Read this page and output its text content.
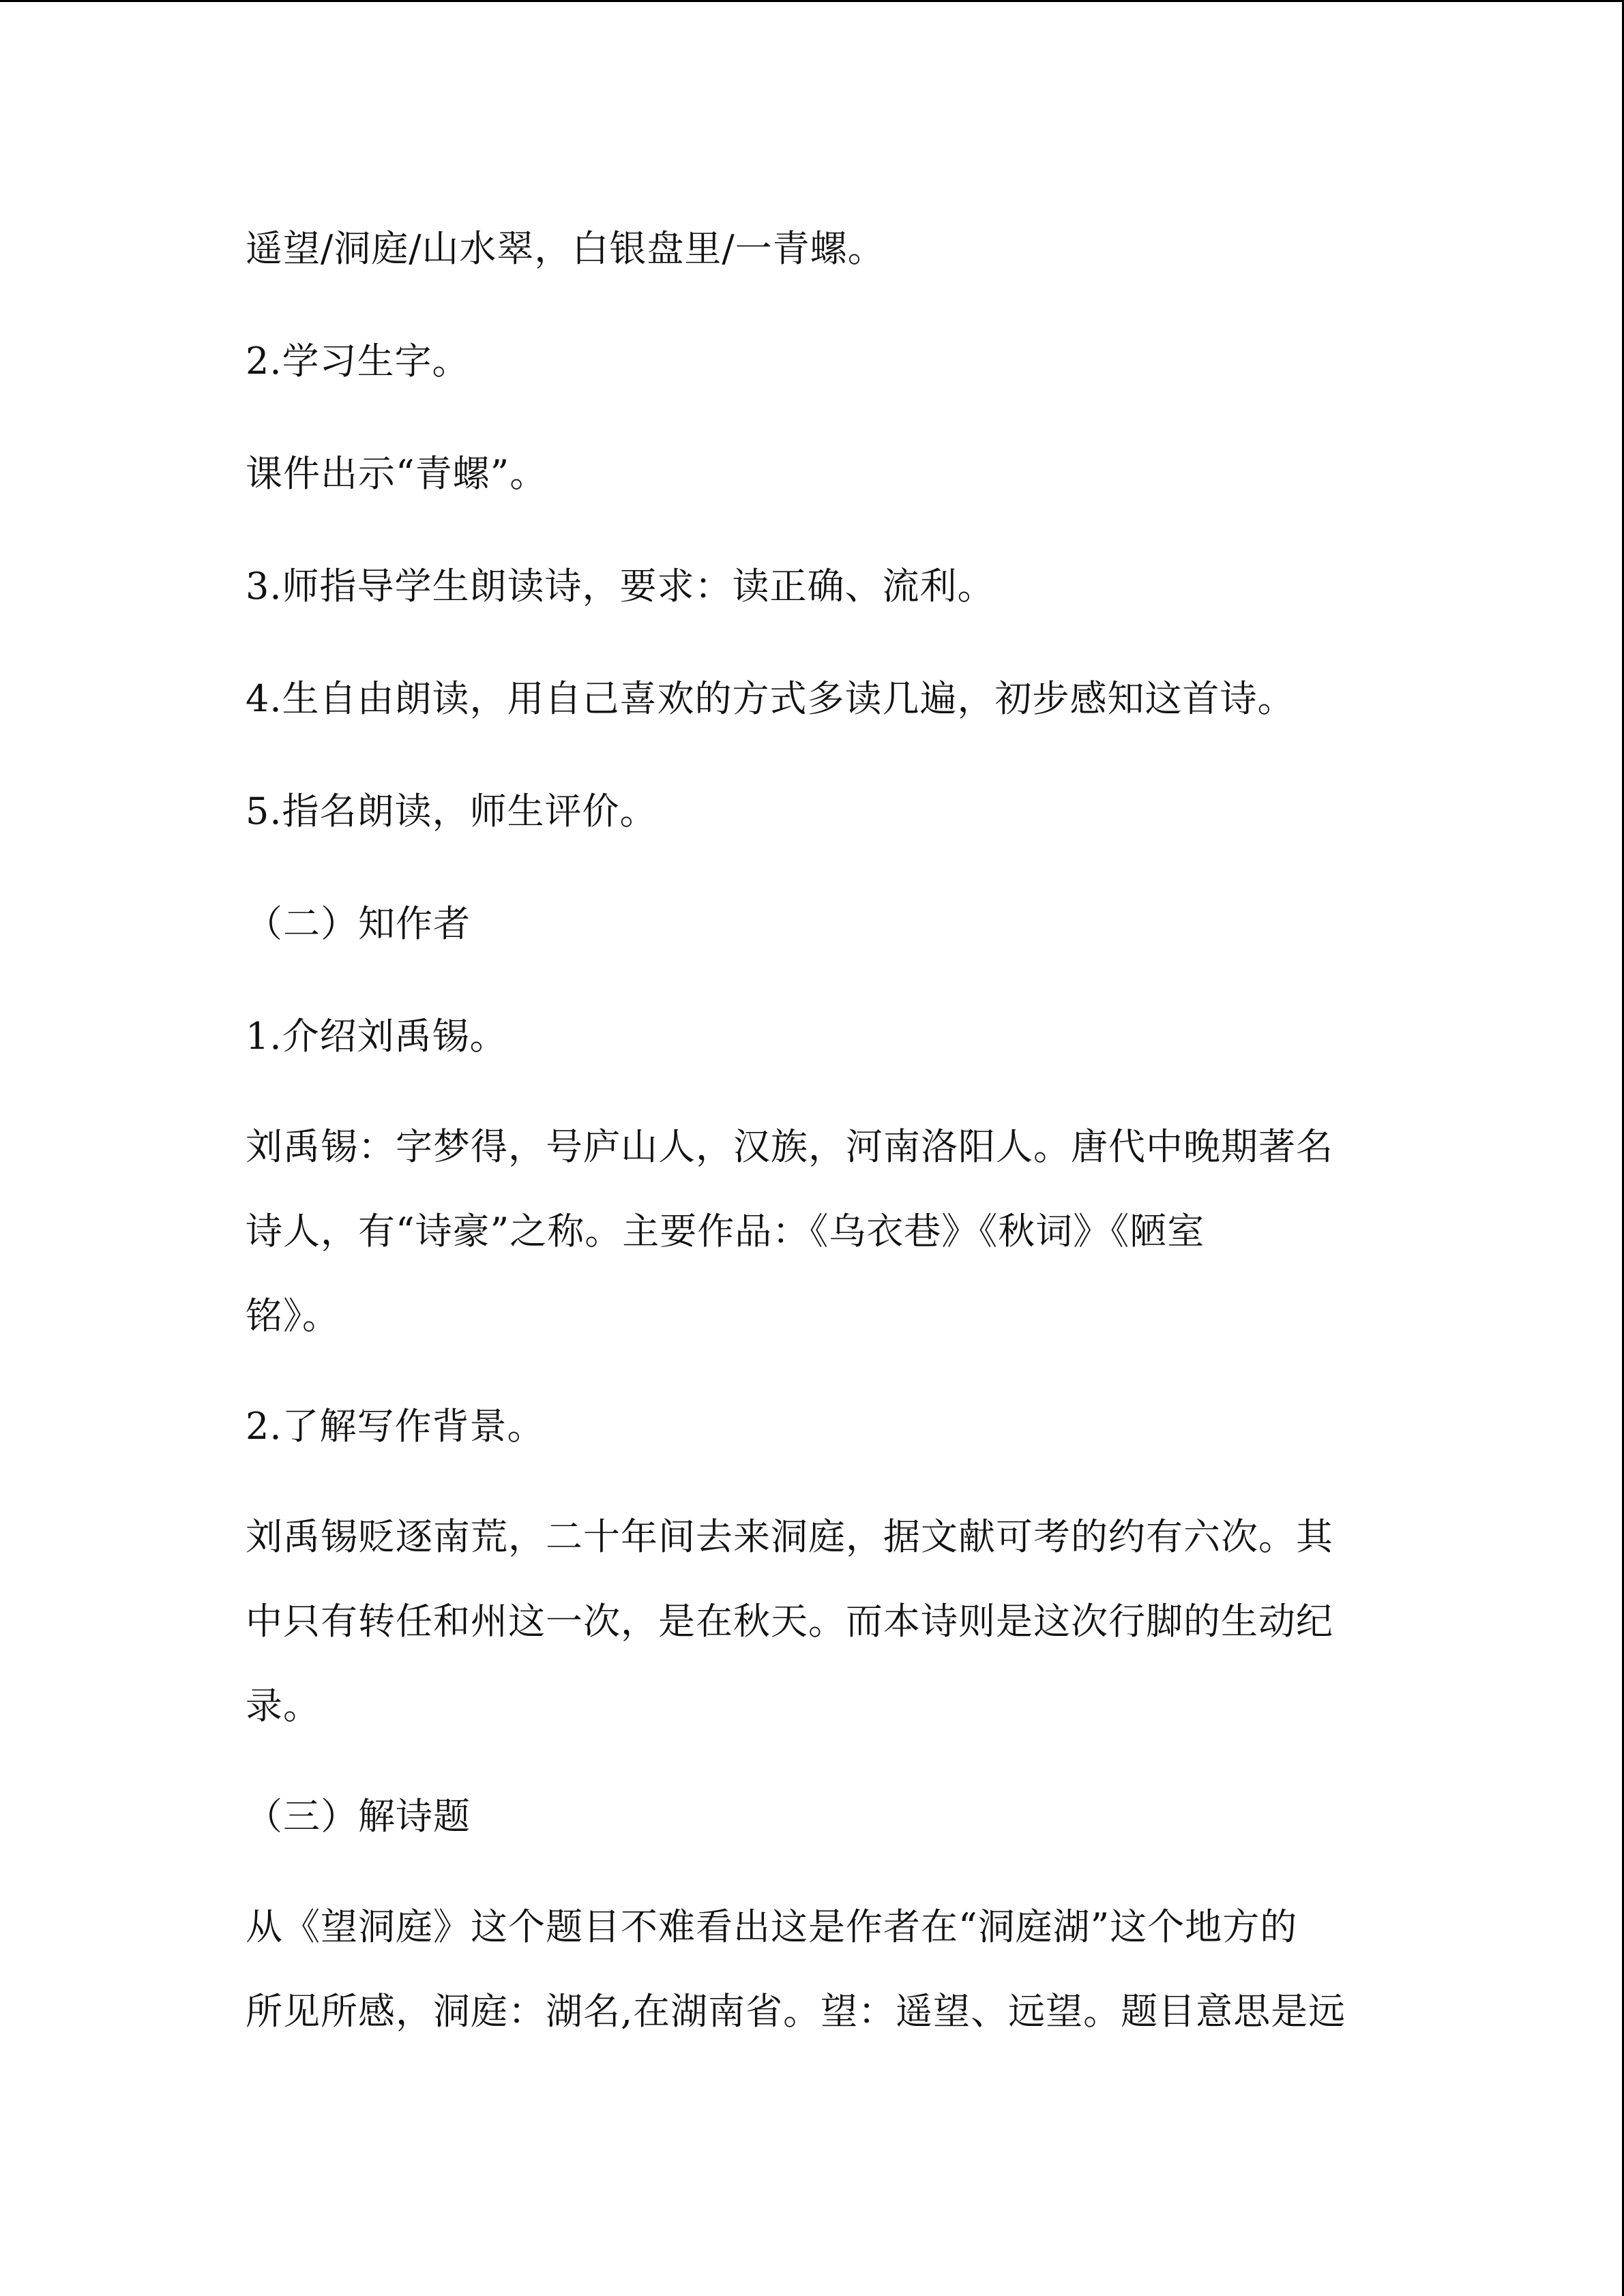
遥望/洞庭/山水翠，白银盘里/一青螺。
2.学习生字。
课件出示“青螺”。
3.师指导学生朗读诗，要求：读正确、流利。
4.生自由朗读，用自己喜欢的方式多读几遍，初步感知这首诗。
5.指名朗读，师生评价。
（二）知作者
1.介绍刘禹锡。
刘禹锡：字梦得，号庐山人，汉族，河南洛阳人。唐代中晚期著名
诗人，有“诗豪”之称。主要作品：《乌衣巷》《秋词》《陋室
铭》。
2.了解写作背景。
刘禹锡贬逐南荒，二十年间去来洞庭，据文献可考的约有六次。其
中只有转任和州这一次，是在秋天。而本诗则是这次行脚的生动纪
录。
（三）解诗题
从《望洞庭》这个题目不难看出这是作者在“洞庭湖”这个地方的
所见所感，洞庭：湖名,在湖南省。望：遥望、远望。题目意思是远
